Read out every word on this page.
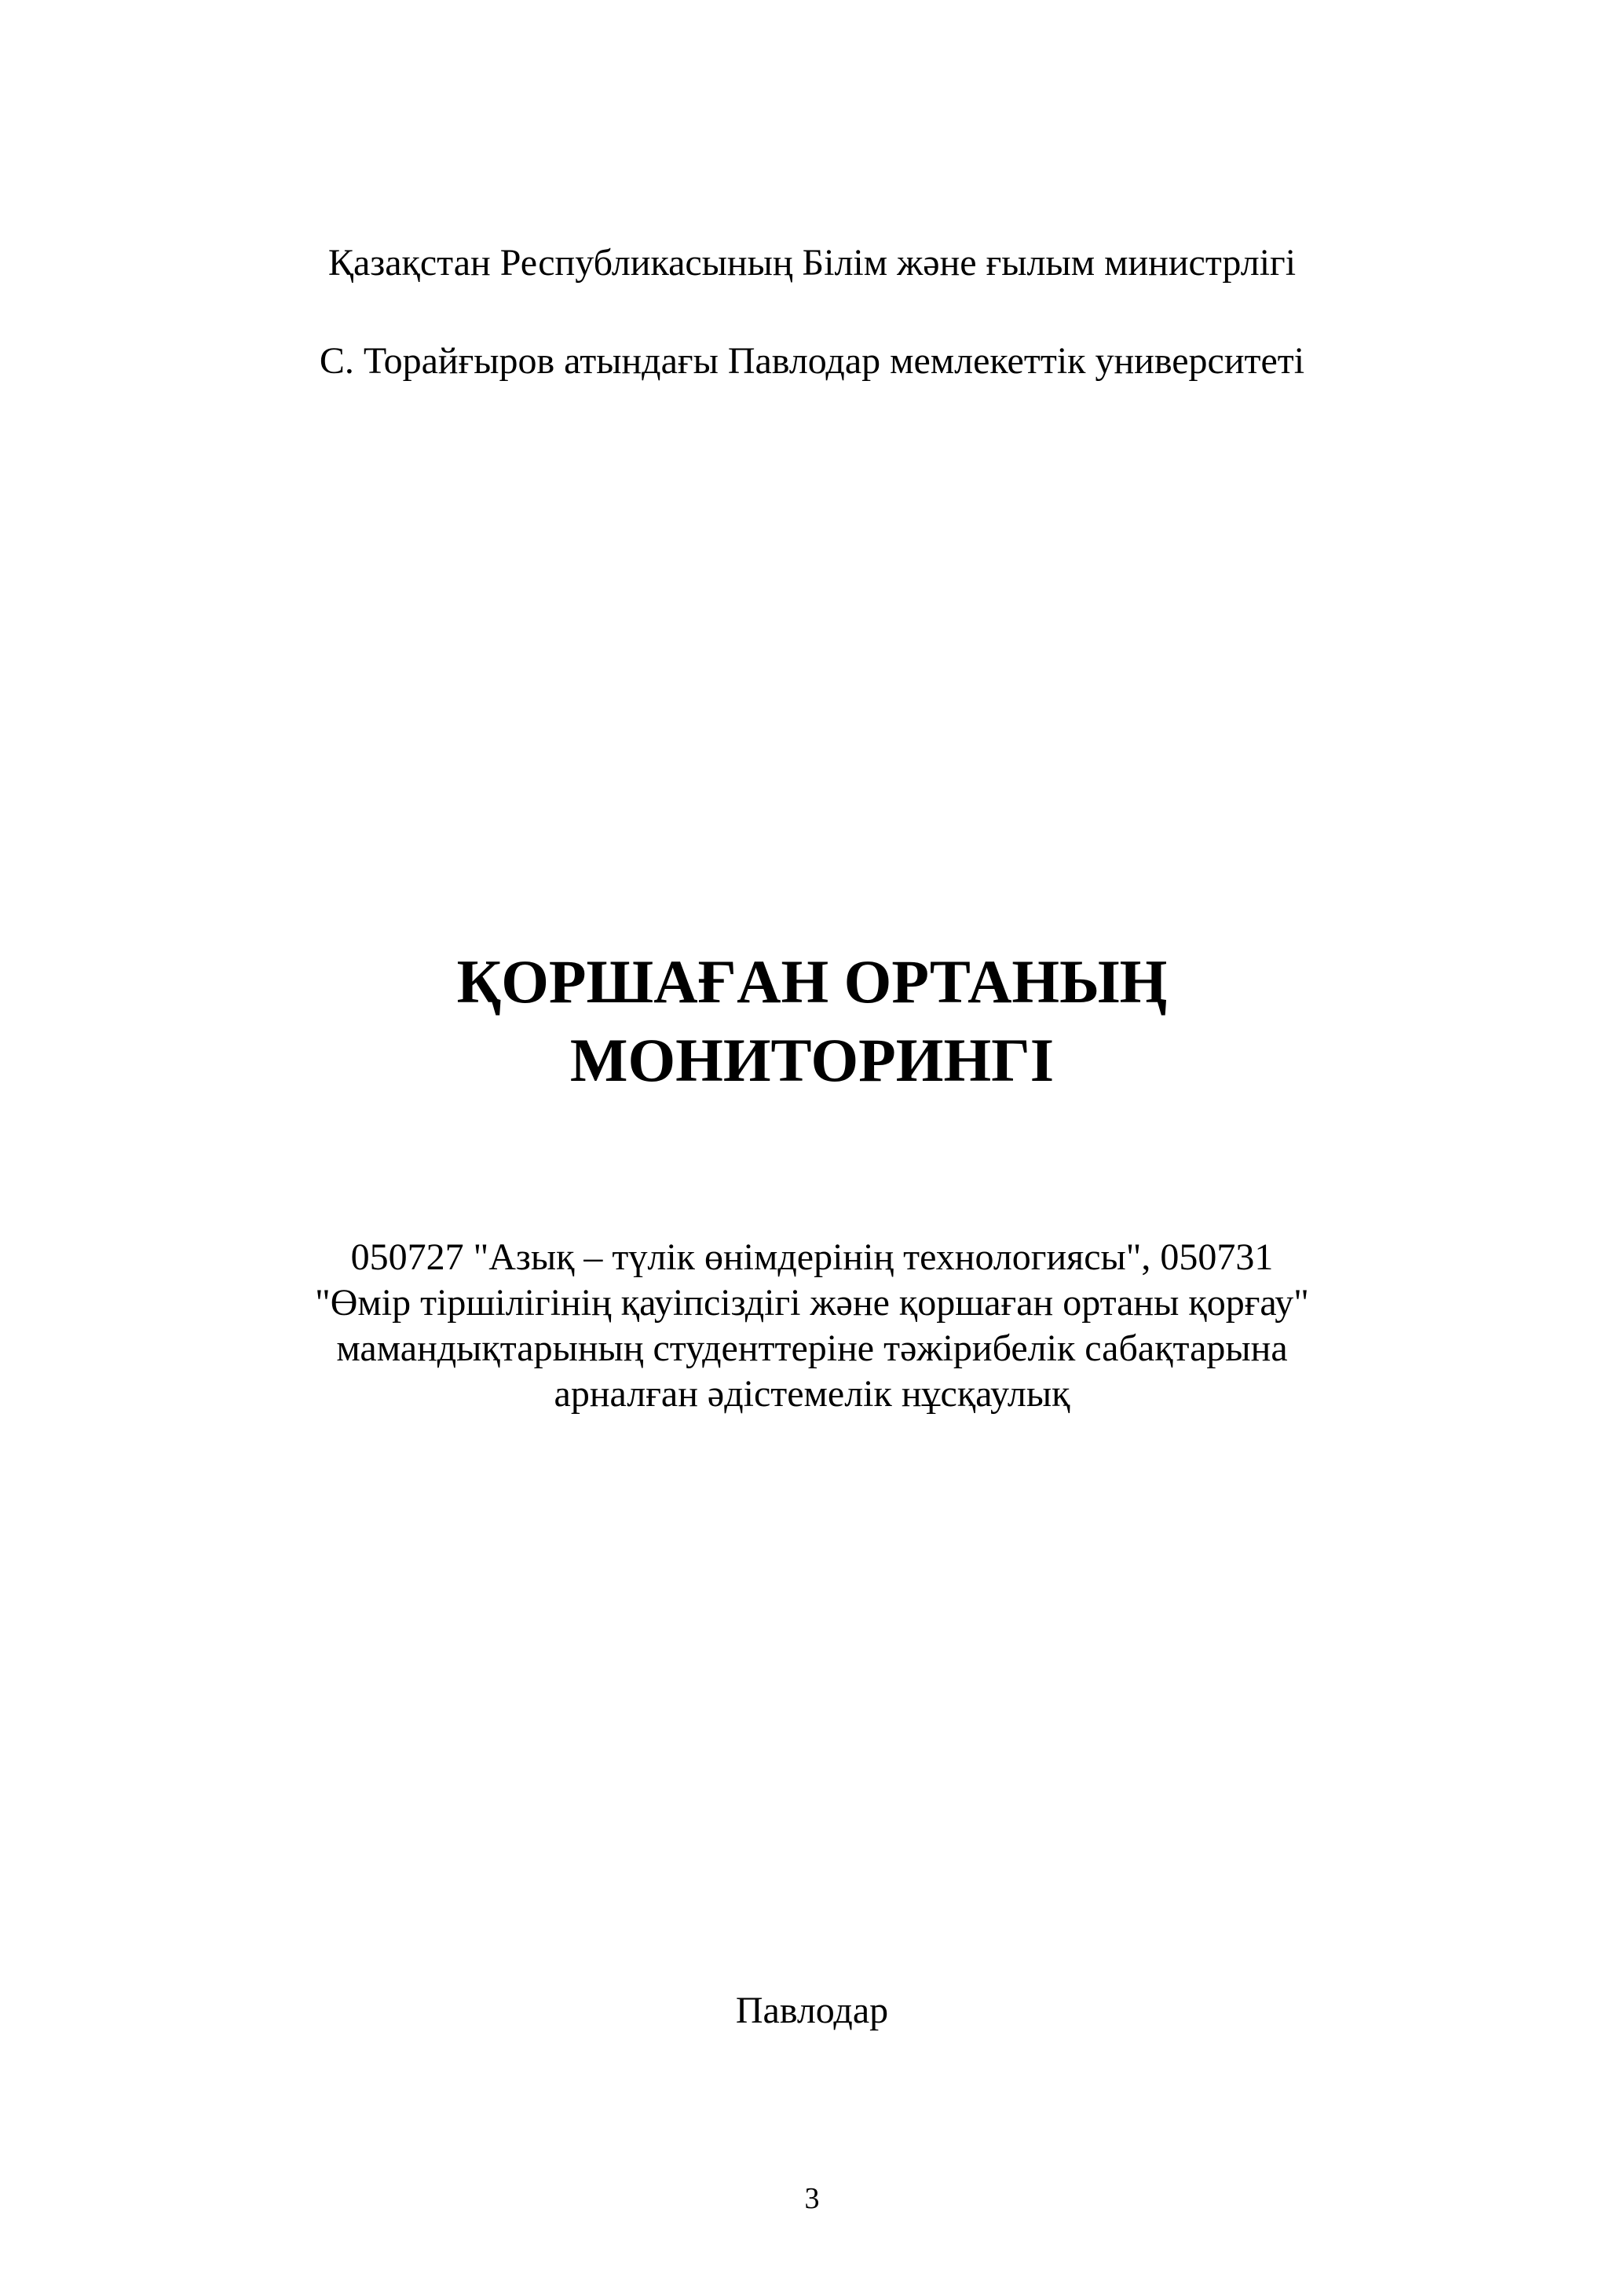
Қазақстан Республикасының Білім және ғылым министрлігі
С. Торайғыров атындағы Павлодар мемлекеттік университеті
ҚОРШАҒАН ОРТАНЫҢ
МОНИТОРИНГІ
050727 "Азық – түлік өнімдерінің технологиясы", 050731
"Өмір тіршілігінің қауіпсіздігі және қоршаған ортаны қорғау"
мамандықтарының студенттеріне тәжірибелік сабақтарына
арналған әдістемелік нұсқаулық
Павлодар
3
